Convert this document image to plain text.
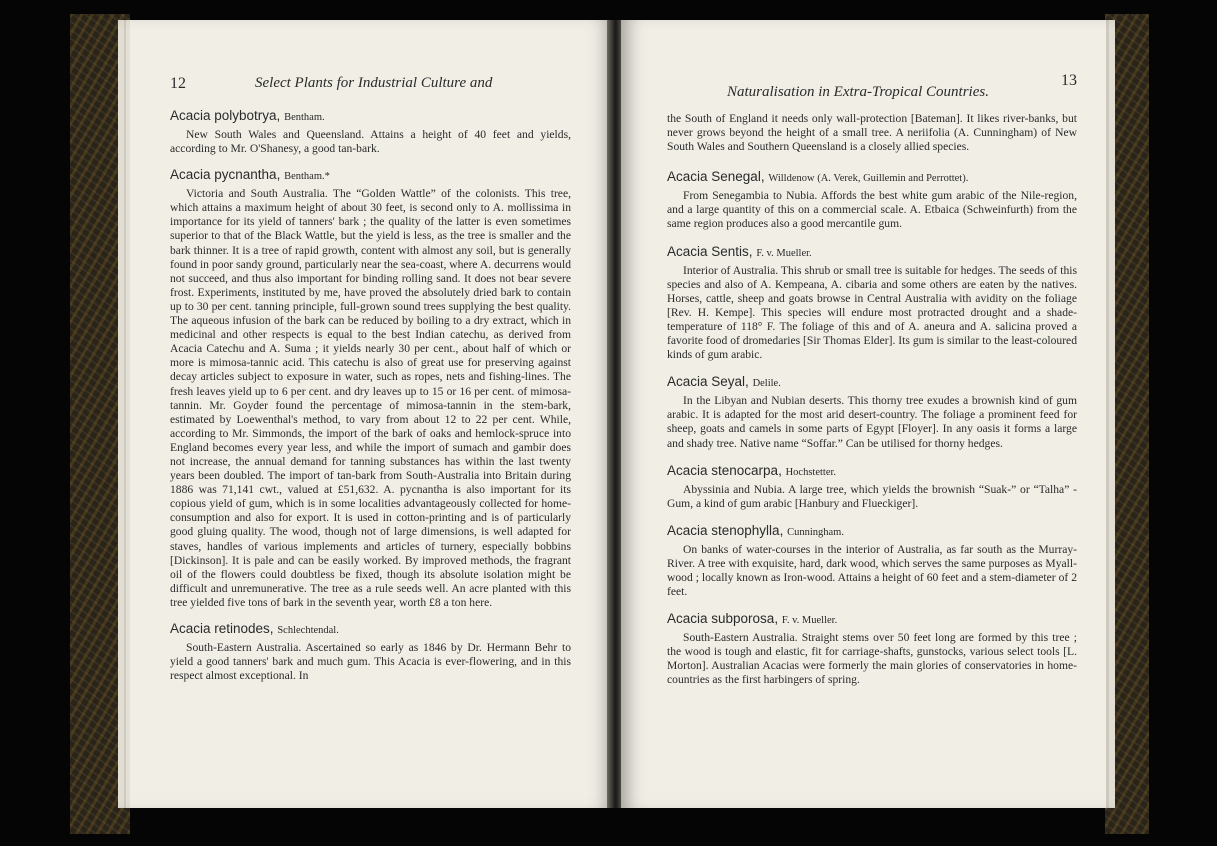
12	Select Plants for Industrial Culture and
Acacia polybotrya, Bentham.

New South Wales and Queensland. Attains a height of 40 feet and yields, according to Mr. O'Shanesy, a good tan-bark.

Acacia pycnantha, Bentham.*

Victoria and South Australia. The “Golden Wattle” of the colonists. This tree, which attains a maximum height of about 30 feet, is second only to A. mollissima in importance for its yield of tanners' bark ; the quality of the latter is even sometimes superior to that of the Black Wattle, but the yield is less, as the tree is smaller and the bark thinner. It is a tree of rapid growth, content with almost any soil, but is generally found in poor sandy ground, particularly near the sea-coast, where A. decurrens would not succeed, and thus also important for binding rolling sand. It does not bear severe frost. Experiments, instituted by me, have proved the absolutely dried bark to contain up to 30 per cent. tanning principle, full-grown sound trees supplying the best quality. The aqueous infusion of the bark can be reduced by boiling to a dry extract, which in medicinal and other respects is equal to the best Indian catechu, as derived from Acacia Catechu and A. Suma ; it yields nearly 30 per cent., about half of which or more is mimosa-tannic acid. This catechu is also of great use for preserving against decay articles subject to exposure in water, such as ropes, nets and fishing-lines. The fresh leaves yield up to 6 per cent. and dry leaves up to 15 or 16 per cent. of mimosa-tannin. Mr. Goyder found the percentage of mimosa-tannin in the stem-bark, estimated by Loewenthal's method, to vary from about 12 to 22 per cent. While, according to Mr. Simmonds, the import of the bark of oaks and hemlock-spruce into England becomes every year less, and while the import of sumach and gambir does not increase, the annual demand for tanning substances has within the last twenty years been doubled. The import of tan-bark from South-Australia into Britain during 1886 was 71,141 cwt., valued at £51,632. A. pycnantha is also important for its copious yield of gum, which is in some localities advantageously collected for home-consumption and also for export. It is used in cotton-printing and is of particularly good gluing quality. The wood, though not of large dimensions, is well adapted for staves, handles of various implements and articles of turnery, especially bobbins [Dickinson]. It is pale and can be easily worked. By improved methods, the fragrant oil of the flowers could doubtless be fixed, though its absolute isolation might be difficult and unremunerative. The tree as a rule seeds well. An acre planted with this tree yielded five tons of bark in the seventh year, worth £8 a ton here.

Acacia retinodes, Schlechtendal.

South-Eastern Australia. Ascertained so early as 1846 by Dr. Hermann Behr to yield a good tanners' bark and much gum. This Acacia is ever-flowering, and in this respect almost exceptional. In

Naturalisation in Extra-Tropical Countries.
13

the South of England it needs only wall-protection [Bateman]. It likes river-banks, but never grows beyond the height of a small tree. A neriifolia (A. Cunningham) of New South Wales and Southern Queensland is a closely allied species.

Acacia Senegal, Willdenow (A. Verek, Guillemin and Perrottet).

From Senegambia to Nubia. Affords the best white gum arabic of the Nile-region, and a large quantity of this on a commercial scale. A. Etbaica (Schweinfurth) from the same region produces also a good mercantile gum.

Acacia Sentis, F. v. Mueller.

Interior of Australia. This shrub or small tree is suitable for hedges. The seeds of this species and also of A. Kempeana, A. cibaria and some others are eaten by the natives. Horses, cattle, sheep and goats browse in Central Australia with avidity on the foliage [Rev. H. Kempe]. This species will endure most protracted drought and a shade-temperature of 118° F. The foliage of this and of A. aneura and A. salicina proved a favorite food of dromedaries [Sir Thomas Elder]. Its gum is similar to the least-coloured kinds of gum arabic.

Acacia Seyal, Delile.

In the Libyan and Nubian deserts. This thorny tree exudes a brownish kind of gum arabic. It is adapted for the most arid desert-country. The foliage a prominent feed for sheep, goats and camels in some parts of Egypt [Floyer]. In any oasis it forms a large and shady tree. Native name “Soffar.” Can be utilised for thorny hedges.

Acacia stenocarpa, Hochstetter.

Abyssinia and Nubia. A large tree, which yields the brownish “Suak-” or “Talha” -Gum, a kind of gum arabic [Hanbury and Flueckiger].

Acacia stenophylla, Cunningham.

On banks of water-courses in the interior of Australia, as far south as the Murray-River. A tree with exquisite, hard, dark wood, which serves the same purposes as Myall-wood ; locally known as Iron-wood. Attains a height of 60 feet and a stem-diameter of 2 feet.

Acacia subporosa, F. v. Mueller.

South-Eastern Australia. Straight stems over 50 feet long are formed by this tree ; the wood is tough and elastic, fit for carriage-shafts, gunstocks, various select tools [L. Morton]. Australian Acacias were formerly the main glories of conservatories in home-countries as the first harbingers of spring.
